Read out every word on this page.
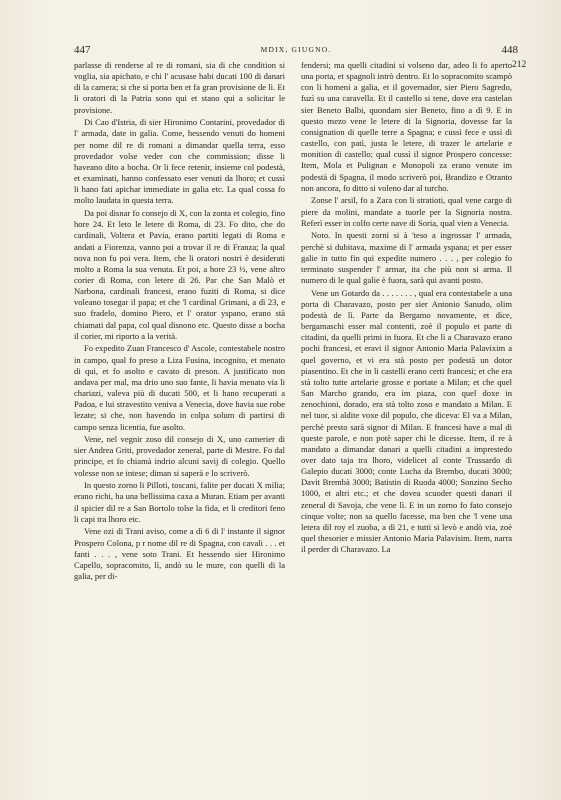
447	MDIX, GIUGNO.	448
212

parlasse di renderse al re di romani, sia di che condition si voglia, sia apichato, e chi l' acusase habi ducati 100 di danari di la camera; si che si porta ben et fa gran provisione de lì. Et li oratori di la Patria sono qui et stano qui a solicitar le provisione.

Di Cao d'Istria, di sier Hironimo Contarini, provedador di l' armada, date in galia. Come, hessendo venuti do homeni per nome dil re di romani a dimandar quella terra, esso provedador volse veder con che commission; disse li haveano dito a bocha. Or li fece retenir, insieme col podestà, et examinati, hanno confessato eser venuti da lhoro; et cussì li hano fati apichar immediate in galia etc. La qual cossa fo molto laudata in questa terra.

Da poi disnar fo consejo di X, con la zonta et colegio, fino hore 24. Et leto le letere di Roma, di 23. Fo dito, che do cardinali, Voltera et Pavia, erano partiti legati di Roma e andati a Fiorenza, vanno poi a trovar il re di Franza; la qual nova non fu poi vera. Item, che li oratori nostri è desiderati molto a Roma la sua venuta. Et poi, a hore 23 ½, vene altro corier di Roma, con letere di 26. Par che San Malò et Narbona, cardinali francesi, erano fuziti di Roma, si dice voleano tosegar il papa; et che 'l cardinal Grimani, a dì 23, e suo fradelo, domino Piero, et l' orator yspano, erano stà chiamati dal papa, col qual disnono etc. Questo disse a bocha il corier, mi riporto a la verità.

Fo expedito Zuan Francesco d' Ascole, contestabele nostro in campo, qual fo preso a Liza Fusina, incognito, et menato di qui, et fo asolto e cavato di preson. A justificato non andava per mal, ma drio uno suo fante, li havia menato via li chariazi, valeva più di ducati 500, et li hano recuperati a Padoa, e lui stravestito veniva a Venecia, dove havia sue robe lezate; si che, non havendo in colpa solum di partirsi di campo senza licentia, fue asolto.

Vene, nel vegnir zoso dil consejo di X, uno camerier di sier Andrea Griti, provedador zeneral, parte di Mestre. Fo dal principe, et fo chiamà indrio alcuni savij di colegio. Quello volesse non se intese; diman si saperà e lo scriverò.

In questo zorno li Pilloti, toscani, falite per ducati X milia; erano richi, ha una bellissima caxa a Muran. Etiam per avanti il spicier dil re a San Bortolo tolse la fida, et li creditori feno li capi tra lhoro etc.

Vene ozi di Trani aviso, come a dì 6 di l' instante il signor Prospero Colona, p r nome dil re di Spagna, con cavali . . . et fanti . . . , vene soto Trani. Et hessendo sier Hironimo Capello, sopracomito, lì, andò su le mure, con quelli di la galia, per di-

fendersi; ma quelli citadini si volseno dar, adeo li fo aperto una porta, et spagnoli intrò dentro. Et lo sopracomito scampò con li homeni a galia, et il governador, sier Piero Sagredo, fuzì su una caravella. Et il castello si tene, dove era castelan sier Beneto Balbi, quondam sier Beneto, fino a dì 9. E in questo mezo vene le letere di la Signoria, dovesse far la consignation di quelle terre a Spagna; e cussì fece e ussì di castello, con patì, justa le letere, di trazer le artelarie e monition di castello; qual cussì il signor Prospero concesse: Item, Mola et Pulignan e Monopoli za erano venute im podestà di Spagna, il modo scriverò poi, Brandizo e Otranto non ancora, fo ditto si voleno dar al turcho.

Zonse l' arsil, fo a Zara con li stratioti, qual vene cargo di piere da molini, mandate a tuorle per la Signoria nostra. Referì esser in colfo certe nave di Soria, qual vien a Venecia.

Noto. In questi zorni si à 'teso a ingrossar l' armada, perchè si dubitava, maxime di l' armada yspana; et per esser galie in tutto fin qui expedite numero . . . , per colegio fo terminato suspender l' armar, ita che più non si arma. Il numero di le qual galie è fuora, sarà qui avanti posto.

Vene un Gotardo da . . . . . . . , qual era contestabele a una porta di Charavazo, posto per sier Antonio Sanudo, olim podestà de lì. Parte da Bergamo novamente, et dice, bergamaschi esser mal contenti, zoè il populo et parte di citadini, da quelli primi in fuora. Et che lì a Charavazo erano pochi francesi, et eravi il signor Antonio Maria Palavixim a quel governo, et vi era stà posto per podestà un dotor piasentino. Et che in li castelli erano certi francesi; et che era stà tolto tutte artelarie grosse e portate a Milan; et che quel San Marcho grando, era im piaza, con quel doxe in zenochioni, dorado, era stà tolto zoso e mandato a Milan. E nel tuor, si aldite voxe dil populo, che diceva: El va a Milan, perchè presto sarà signor di Milan. E francesi have a mal di queste parole, e non potè saper chi le dicesse. Item, il re à mandato a dimandar danari a quelli citadini a imprestedo over dato taja tra lhoro, videlicet al conte Trussardo di Galepio ducati 3000; conte Lucha da Brembo, ducati 3000; Davit Brembà 3000; Batistin di Ruoda 4000; Sonzino Secho 1000, et altri etc.; et che dovea scuoder questi danari il zeneral di Savoja, che vene lì. E in un zorno fo fato consejo cinque volte; non sa quello facesse, ma ben che 'l vene una letera dil roy el zuoba, a dì 21, e tutti si levò e andò via, zoè quel thesorier e missier Antonio Maria Palavisim. Item, narra il perder di Charavazo. La
